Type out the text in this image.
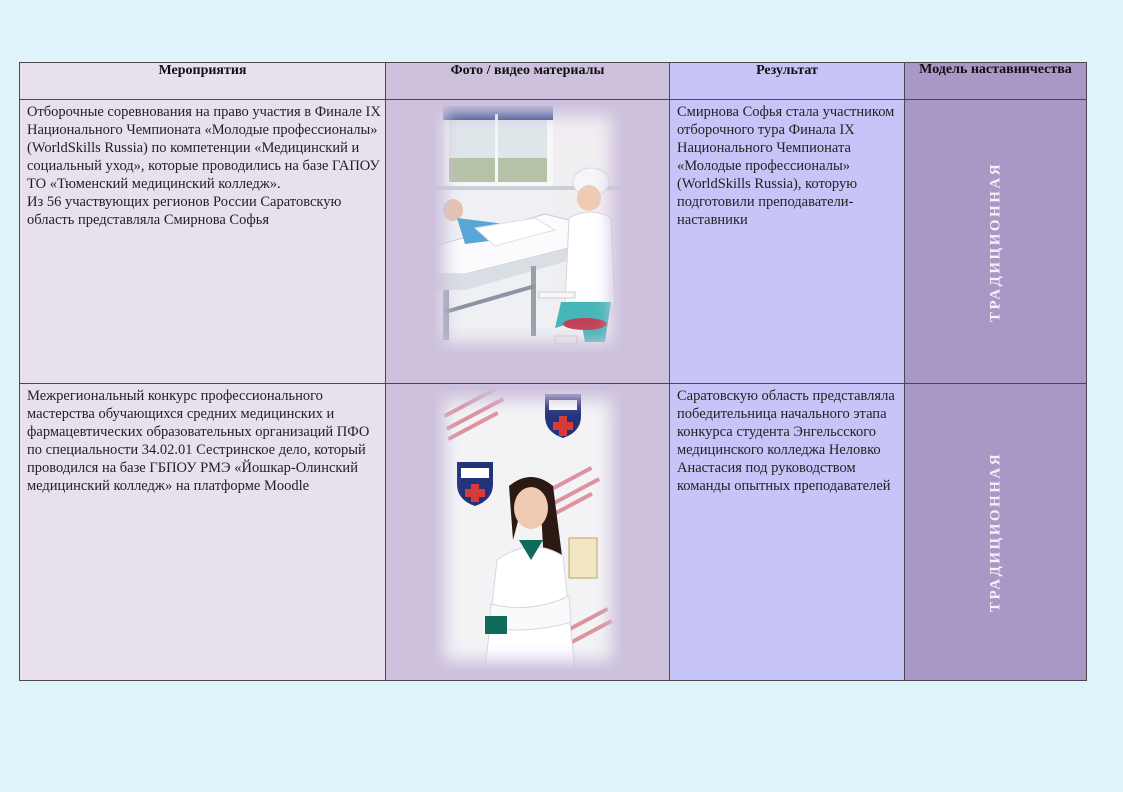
Мероприятия	Фото / видео материалы	Результат	Модель наставничества

Отборочные соревнования на право участия в Финале IX Национального Чемпионата «Молодые профессионалы» (WorldSkills Russia) по компетенции «Медицинский и социальный уход», которые проводились на базе ГАПОУ ТО «Тюменский медицинский колледж».

Из 56 участвующих регионов России Саратовскую область представляла Смирнова Софья		Смирнова Софья стала участником отборочного тура Финала IX Национального Чемпионата «Молодые профессионалы» (WorldSkills Russia), которую подготовили преподаватели-наставники	ТРАДИЦИОННАЯ

Межрегиональный конкурс профессионального мастерства обучающихся средних медицинских и фармацевтических образовательных организаций ПФО по специальности 34.02.01 Сестринское дело, который проводился на базе ГБПОУ РМЭ «Йошкар-Олинский медицинский колледж» на платформе Moodle		Саратовскую область представляла победительница начального этапа конкурса студента Энгельсского медицинского колледжа Неловко Анастасия под руководством команды опытных преподавателей	ТРАДИЦИОННАЯ
